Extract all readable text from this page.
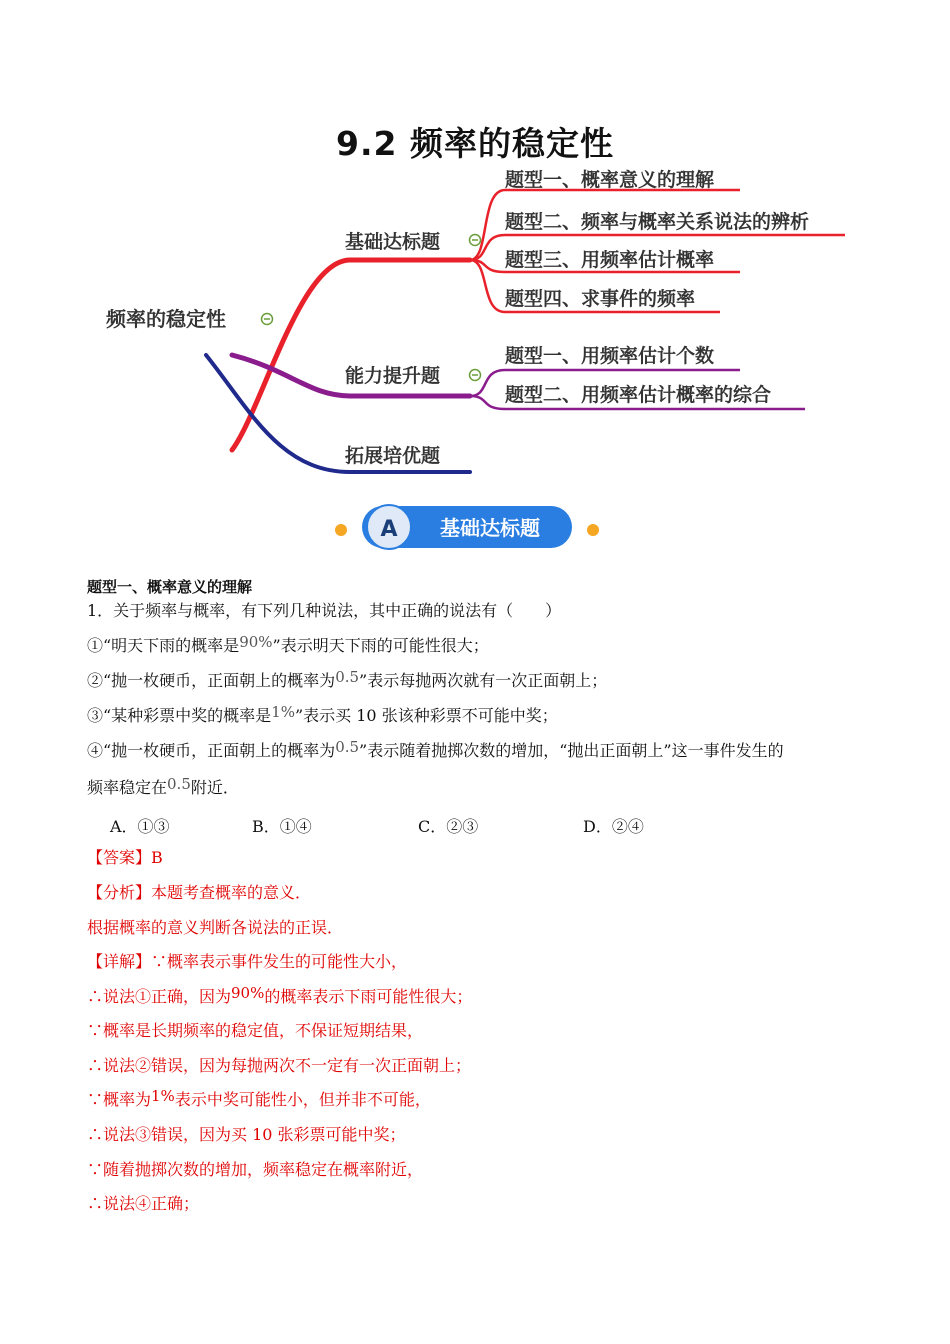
9.2 频率的稳定性
频率的稳定性
基础达标题
能力提升题
拓展培优题
题型一、概率意义的理解
题型二、频率与概率关系说法的辨析
题型三、用频率估计概率
题型四、求事件的频率
题型一、用频率估计个数
题型二、用频率估计概率的综合
A 基础达标题
题型一、概率意义的理解
1．关于频率与概率，有下列几种说法，其中正确的说法有（　　）
①“明天下雨的概率是90%”表示明天下雨的可能性很大；
②“抛一枚硬币，正面朝上的概率为0.5”表示每抛两次就有一次正面朝上；
③“某种彩票中奖的概率是1%”表示买 10 张该种彩票不可能中奖；
④“抛一枚硬币，正面朝上的概率为0.5”表示随着抛掷次数的增加，“抛出正面朝上”这一事件发生的
频率稳定在0.5附近．
A．①③	B．①④	C．②③	D．②④
【答案】B
【分析】本题考查概率的意义．
根据概率的意义判断各说法的正误．
【详解】∵概率表示事件发生的可能性大小，
∴说法①正确，因为90%的概率表示下雨可能性很大；
∵概率是长期频率的稳定值，不保证短期结果，
∴说法②错误，因为每抛两次不一定有一次正面朝上；
∵概率为1%表示中奖可能性小，但并非不可能，
∴说法③错误，因为买 10 张彩票可能中奖；
∵随着抛掷次数的增加，频率稳定在概率附近，
∴说法④正确；
